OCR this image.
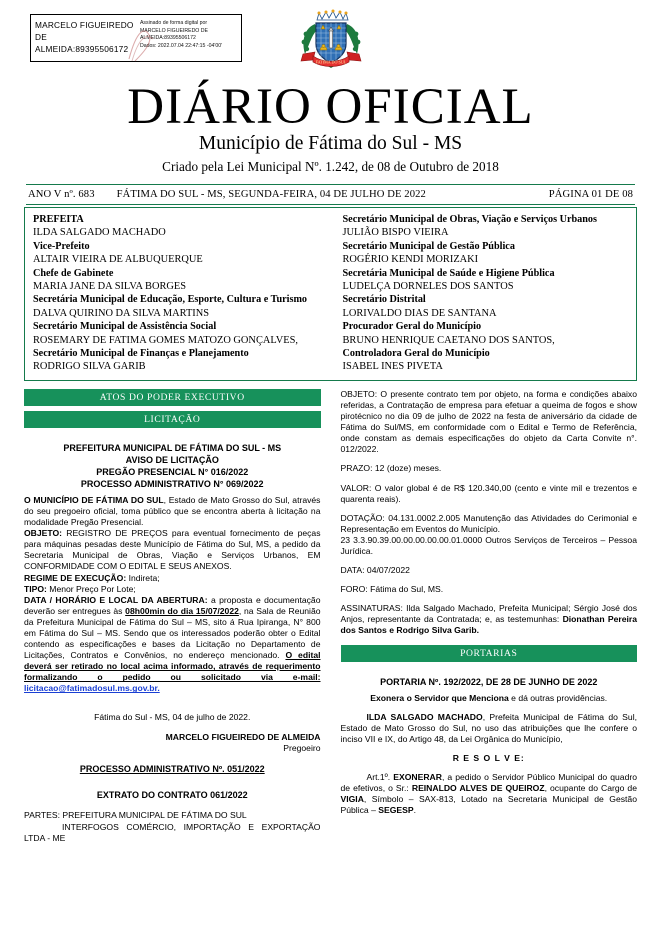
MARCELO FIGUEIREDO DE ALMEIDA:89395506172
Assinado de forma digital por
MARCELO FIGUEIREDO DE
ALMEIDA:89395506172
Dados: 2022.07.04 22:47:15 -04'00'
FATIMA DO SUL
DIÁRIO OFICIAL
Município de Fátima do Sul - MS
Criado pela Lei Municipal Nº. 1.242, de 08 de Outubro de 2018
ANO V nº. 683	FÁTIMA DO SUL - MS, SEGUNDA-FEIRA, 04 DE JULHO DE 2022	PÁGINA 01 DE 08
PREFEITA
ILDA SALGADO MACHADO
Vice-Prefeito
ALTAIR VIEIRA DE ALBUQUERQUE
Chefe de Gabinete
MARIA JANE DA SILVA BORGES
Secretária Municipal de Educação, Esporte, Cultura e Turismo
DALVA QUIRINO DA SILVA MARTINS
Secretário Municipal de Assistência Social
ROSEMARY DE FATIMA GOMES MATOZO GONÇALVES,
Secretário Municipal de Finanças e Planejamento
RODRIGO SILVA GARIB
Secretário Municipal de Obras, Viação e Serviços Urbanos
JULIÃO BISPO VIEIRA
Secretário Municipal de Gestão Pública
ROGÉRIO KENDI MORIZAKI
Secretária Municipal de Saúde e Higiene Pública
LUDELÇA DORNELES DOS SANTOS
Secretário Distrital
LORIVALDO DIAS DE SANTANA
Procurador Geral do Município
BRUNO HENRIQUE CAETANO DOS SANTOS,
Controladora Geral do Município
ISABEL INES PIVETA
ATOS DO PODER EXECUTIVO
LICITAÇÃO
PREFEITURA MUNICIPAL DE FÁTIMA DO SUL - MS
AVISO DE LICITAÇÃO
PREGÃO PRESENCIAL N° 016/2022
PROCESSO ADMINISTRATIVO N° 069/2022

O MUNICÍPIO DE FÁTIMA DO SUL, Estado de Mato Grosso do Sul, através do seu pregoeiro oficial, toma público que se encontra aberta à licitação na modalidade Pregão Presencial.

OBJETO: REGISTRO DE PREÇOS para eventual fornecimento de peças para máquinas pesadas deste Município de Fátima do Sul, MS, a pedido da Secretaria Municipal de Obras, Viação e Serviços Urbanos, EM CONFORMIDADE COM O EDITAL E SEUS ANEXOS.

REGIME DE EXECUÇÃO: Indireta;

TIPO: Menor Preço Por Lote;

DATA / HORÁRIO E LOCAL DA ABERTURA: a proposta e documentação deverão ser entregues às 08h00min do dia 15/07/2022, na Sala de Reunião da Prefeitura Municipal de Fátima do Sul – MS, sito á Rua Ipiranga, N° 800 em Fátima do Sul – MS. Sendo que os interessados poderão obter o Edital contendo as especificações e bases da Licitação no Departamento de Licitações, Contratos e Convênios, no endereço mencionado. O edital deverá ser retirado no local acima informado, através de requerimento formalizando o pedido ou solicitado via e-mail: licitacao@fatimadosul.ms.gov.br.

Fátima do Sul - MS, 04 de julho de 2022.
MARCELO FIGUEIREDO DE ALMEIDA
Pregoeiro
PROCESSO ADMINISTRATIVO Nº. 051/2022
EXTRATO DO CONTRATO 061/2022

PARTES: PREFEITURA MUNICIPAL DE FÁTIMA DO SUL
INTERFOGOS COMÉRCIO, IMPORTAÇÃO E EXPORTAÇÃO LTDA - ME

OBJETO: O presente contrato tem por objeto, na forma e condições abaixo referidas, a Contratação de empresa para efetuar a queima de fogos e show pirotécnico no dia 09 de julho de 2022 na festa de aniversário da cidade de Fátima do Sul/MS, em conformidade com o Edital e Termo de Referência, onde constam as demais especificações do objeto da Carta Convite n°. 012/2022.

PRAZO: 12 (doze) meses.

VALOR: O valor global é de R$ 120.340,00 (cento e vinte mil e trezentos e quarenta reais).

DOTAÇÃO: 04.131.0002.2.005 Manutenção das Atividades do Cerimonial e Representação em Eventos do Município.
23 3.3.90.39.00.00.00.00.00.01.0000 Outros Serviços de Terceiros – Pessoa Jurídica.

DATA: 04/07/2022

FORO: Fátima do Sul, MS.

ASSINATURAS: Ilda Salgado Machado, Prefeita Municipal; Sérgio José dos Anjos, representante da Contratada; e, as testemunhas: Dionathan Pereira dos Santos e Rodrigo Silva Garib.

PORTARIAS
PORTARIA Nº. 192/2022, DE 28 DE JUNHO DE 2022

Exonera o Servidor que Menciona e dá outras providências.

ILDA SALGADO MACHADO, Prefeita Municipal de Fátima do Sul, Estado de Mato Grosso do Sul, no uso das atribuições que lhe confere o inciso VII e IX, do Artigo 48, da Lei Orgânica do Município,

R E S O L V E:

Art.1º. EXONERAR, a pedido o Servidor Público Municipal do quadro de efetivos, o Sr.: REINALDO ALVES DE QUEIROZ, ocupante do Cargo de VIGIA, Símbolo – SAX-813, Lotado na Secretaria Municipal de Gestão Pública – SEGESP.
